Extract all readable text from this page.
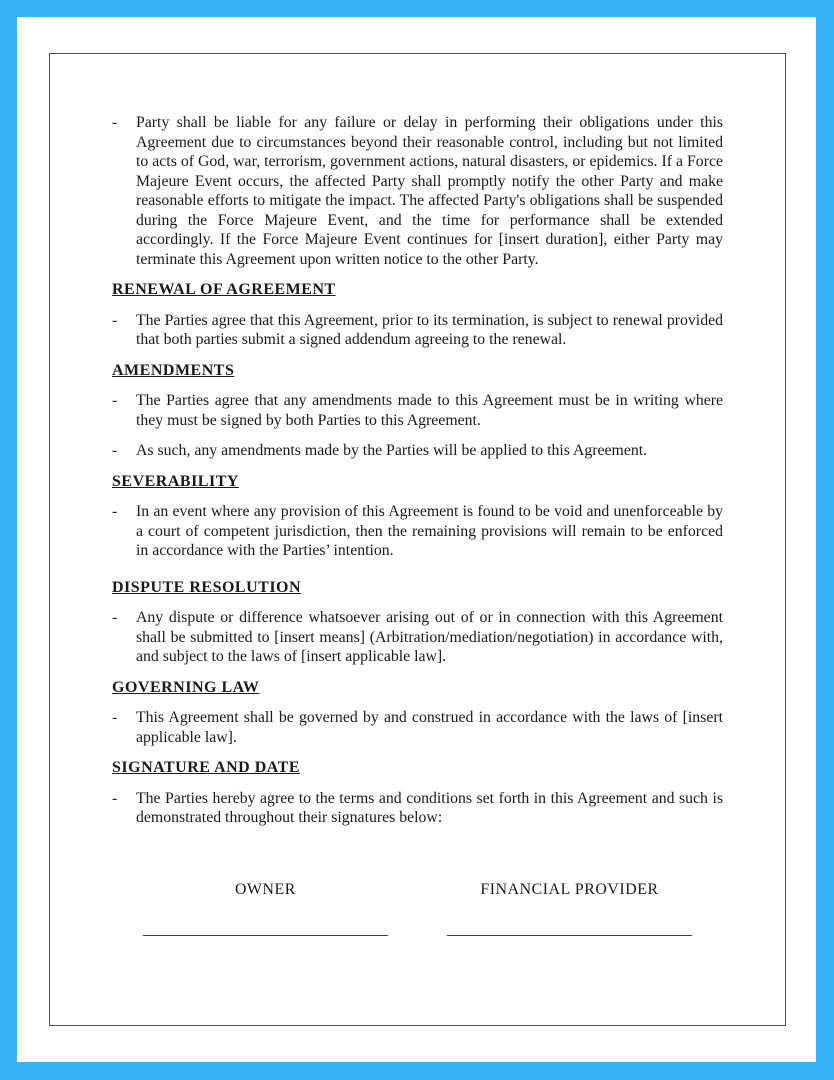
-	Party shall be liable for any failure or delay in performing their obligations under this Agreement due to circumstances beyond their reasonable control, including but not limited to acts of God, war, terrorism, government actions, natural disasters, or epidemics. If a Force Majeure Event occurs, the affected Party shall promptly notify the other Party and make reasonable efforts to mitigate the impact. The affected Party's obligations shall be suspended during the Force Majeure Event, and the time for performance shall be extended accordingly. If the Force Majeure Event continues for [insert duration], either Party may terminate this Agreement upon written notice to the other Party.

RENEWAL OF AGREEMENT
-	The Parties agree that this Agreement, prior to its termination, is subject to renewal provided that both parties submit a signed addendum agreeing to the renewal.

AMENDMENTS
-	The Parties agree that any amendments made to this Agreement must be in writing where they must be signed by both Parties to this Agreement.

-	As such, any amendments made by the Parties will be applied to this Agreement.

SEVERABILITY
-	In an event where any provision of this Agreement is found to be void and unenforceable by a court of competent jurisdiction, then the remaining provisions will remain to be enforced in accordance with the Parties’ intention.

DISPUTE RESOLUTION
-	Any dispute or difference whatsoever arising out of or in connection with this Agreement shall be submitted to [insert means] (Arbitration/mediation/negotiation) in accordance with, and subject to the laws of [insert applicable law].

GOVERNING LAW
-	This Agreement shall be governed by and construed in accordance with the laws of [insert applicable law].

SIGNATURE AND DATE
-	The Parties hereby agree to the terms and conditions set forth in this Agreement and such is demonstrated throughout their signatures below:

OWNER	FINANCIAL PROVIDER
